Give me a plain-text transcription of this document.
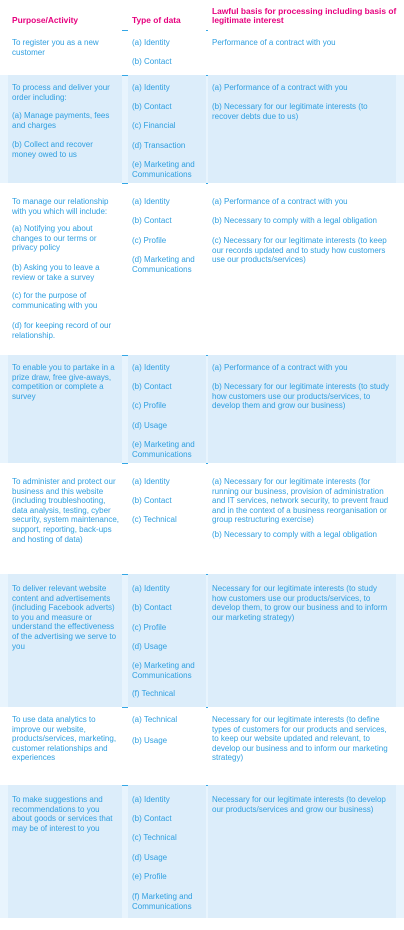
Purpose/Activity	Type of data
Lawful basis for processing including basis of legitimate interest
To register you as a new customer
(a) Identity
(b) Contact
Performance of a contract with you
To process and deliver your order including:
(a) Manage payments, fees and charges
(b) Collect and recover money owed to us
(a) Identity
(b) Contact
(c) Financial
(d) Transaction
(e) Marketing and Communications
(a) Performance of a contract with you
(b) Necessary for our legitimate interests (to recover debts due to us)
To manage our relationship with you which will include:
(a) Notifying you about changes to our terms or privacy policy
(b) Asking you to leave a review or take a survey
(c) for the purpose of communicating with you
(d) for keeping record of our relationship.
(a) Identity
(b) Contact
(c) Profile
(d) Marketing and Communications
(a) Performance of a contract with you
(b) Necessary to comply with a legal obligation
(c) Necessary for our legitimate interests (to keep our records updated and to study how customers use our products/services)
To enable you to partake in a prize draw, free give-aways, competition or complete a survey
(a) Identity
(b) Contact
(c) Profile
(d) Usage
(e) Marketing and Communications
(a) Performance of a contract with you
(b) Necessary for our legitimate interests (to study how customers use our products/services, to develop them and grow our business)
To administer and protect our business and this website (including troubleshooting, data analysis, testing, cyber security, system maintenance, support, reporting, back-ups and hosting of data)
(a) Identity
(b) Contact
(c) Technical
(a) Necessary for our legitimate interests (for running our business, provision of administration and IT services, network security, to prevent fraud and in the context of a business reorganisation or group restructuring exercise)
(b) Necessary to comply with a legal obligation
To deliver relevant website content and advertisements (including Facebook adverts) to you and measure or understand the effectiveness of the advertising we serve to you
(a) Identity
(b) Contact
(c) Profile
(d) Usage
(e) Marketing and Communications
(f) Technical
Necessary for our legitimate interests (to study how customers use our products/services, to develop them, to grow our business and to inform our marketing strategy)
To use data analytics to improve our website, products/services, marketing, customer relationships and experiences
(a) Technical
(b) Usage
Necessary for our legitimate interests (to define types of customers for our products and services, to keep our website updated and relevant, to develop our business and to inform our marketing strategy)
To make suggestions and recommendations to you about goods or services that may be of interest to you
(a) Identity
(b) Contact
(c) Technical
(d) Usage
(e) Profile
(f) Marketing and Communications
Necessary for our legitimate interests (to develop our products/services and grow our business)
